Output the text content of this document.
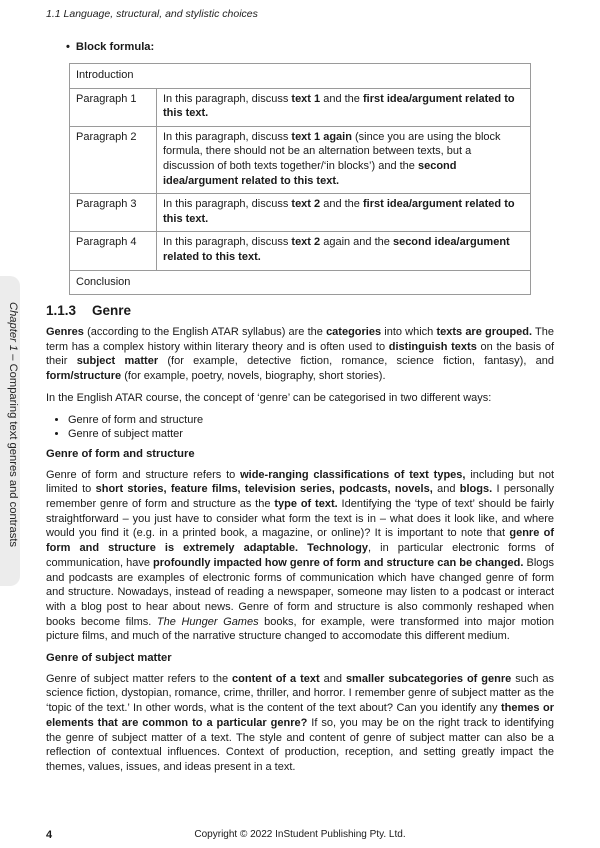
1.1 Language, structural, and stylistic choices
Chapter 1 – Comparing text genres and contrasts
• Block formula:
Introduction	
Paragraph 1	In this paragraph, discuss text 1 and the first idea/argument related to this text.
Paragraph 2	In this paragraph, discuss text 1 again (since you are using the block formula, there should not be an alternation between texts, but a discussion of both texts together/‘in blocks’) and the second idea/argument related to this text.
Paragraph 3	In this paragraph, discuss text 2 and the first idea/argument related to this text.
Paragraph 4	In this paragraph, discuss text 2 again and the second idea/argument related to this text.
Conclusion	
1.1.3 Genre

Genres (according to the English ATAR syllabus) are the categories into which texts are grouped. The term has a complex history within literary theory and is often used to distinguish texts on the basis of their subject matter (for example, detective fiction, romance, science fiction, fantasy), and form/structure (for example, poetry, novels, biography, short stories).

In the English ATAR course, the concept of ‘genre’ can be categorised in two different ways:

• Genre of form and structure
• Genre of subject matter
Genre of form and structure

Genre of form and structure refers to wide-ranging classifications of text types, including but not limited to short stories, feature films, television series, podcasts, novels, and blogs. I personally remember genre of form and structure as the type of text. Identifying the ‘type of text’ should be fairly straightforward – you just have to consider what form the text is in – what does it look like, and where would you find it (e.g. in a printed book, a magazine, or online)? It is important to note that genre of form and structure is extremely adaptable. Technology, in particular electronic forms of communication, have profoundly impacted how genre of form and structure can be changed. Blogs and podcasts are examples of electronic forms of communication which have changed genre of form and structure. Nowadays, instead of reading a newspaper, someone may listen to a podcast or interact with a blog post to hear about news. Genre of form and structure is also commonly reshaped when books become films. The Hunger Games books, for example, were transformed into major motion picture films, and much of the narrative structure changed to accomodate this different medium.

Genre of subject matter

Genre of subject matter refers to the content of a text and smaller subcategories of genre such as science fiction, dystopian, romance, crime, thriller, and horror. I remember genre of subject matter as the ‘topic of the text.’ In other words, what is the content of the text about? Can you identify any themes or elements that are common to a particular genre? If so, you may be on the right track to identifying the genre of subject matter of a text. The style and content of genre of subject matter can also be a reflection of contextual influences. Context of production, reception, and setting greatly impact the themes, values, issues, and ideas present in a text.

4	Copyright © 2022 InStudent Publishing Pty. Ltd.
